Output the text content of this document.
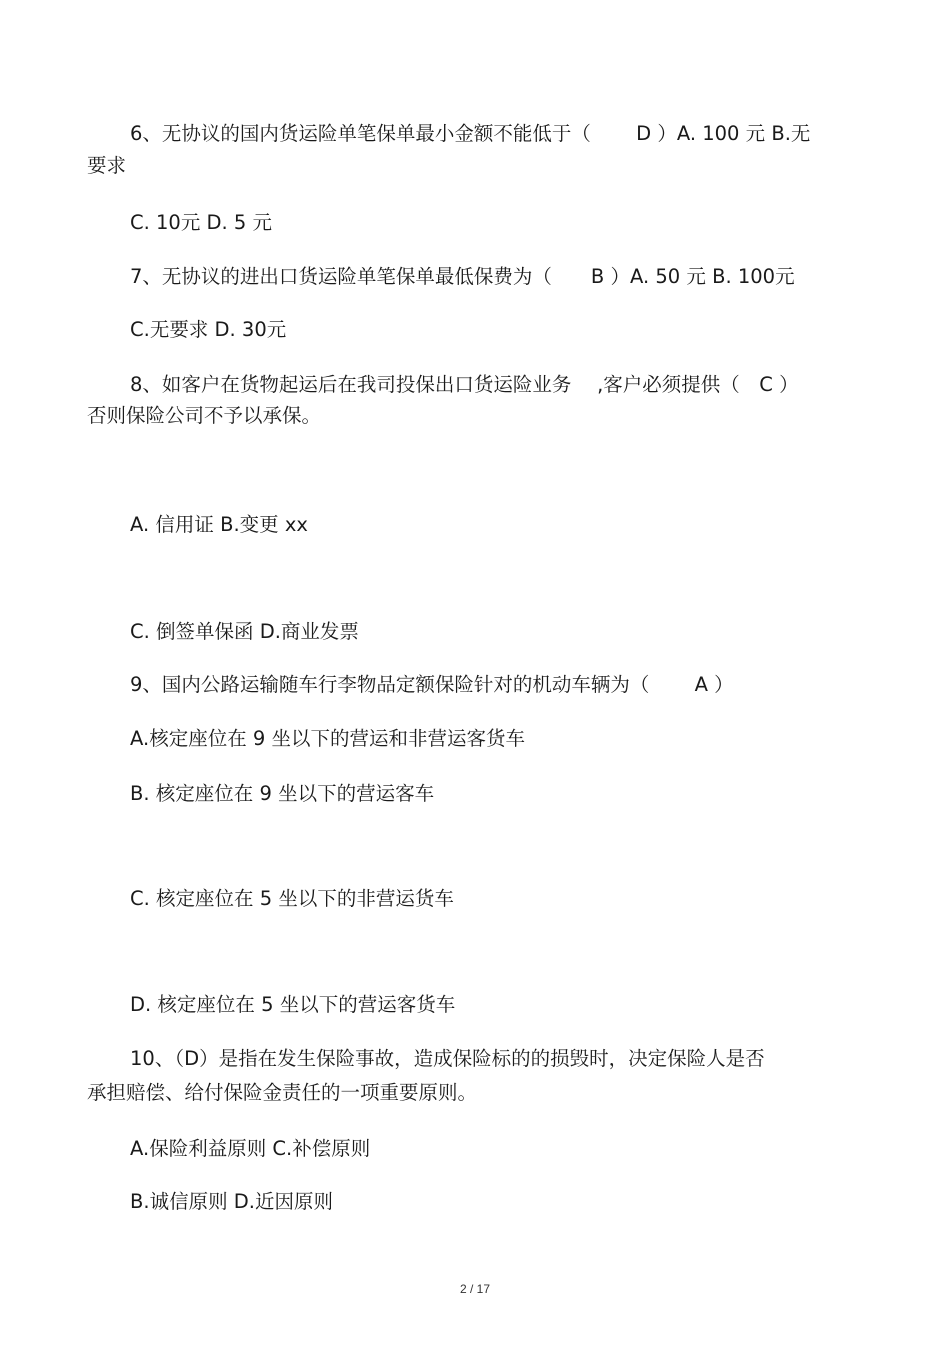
6、无协议的国内货运险单笔保单最小金额不能低于（　　 D ）A. 100 元 B.无

要求

C. 10元 D. 5 元

7、无协议的进出口货运险单笔保单最低保费为（　　B ）A. 50 元 B. 100元

C.无要求 D. 30元

8、如客户在货物起运后在我司投保出口货运险业务　 ,客户必须提供（　C ）

否则保险公司不予以承保。

A. 信用证 B.变更 xx

C. 倒签单保函 D.商业发票

9、国内公路运输随车行李物品定额保险针对的机动车辆为（　　 A ）

A.核定座位在 9 坐以下的营运和非营运客货车

B. 核定座位在 9 坐以下的营运客车

C. 核定座位在 5 坐以下的非营运货车

D. 核定座位在 5 坐以下的营运客货车

10、（D）是指在发生保险事故，造成保险标的的损毁时，决定保险人是否

承担赔偿、给付保险金责任的一项重要原则。

A.保险利益原则 C.补偿原则

B.诚信原则 D.近因原则

2 / 17
